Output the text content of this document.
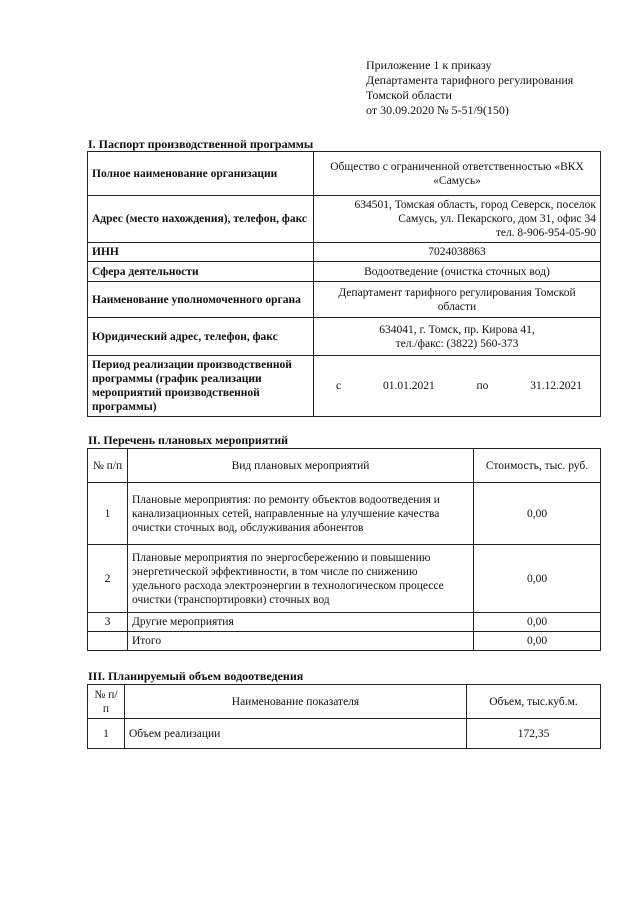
Приложение 1 к приказу
Департамента тарифного регулирования
Томской области
от 30.09.2020 № 5-51/9(150)
I. Паспорт производственной программы
Полное наименование организации	Общество с ограниченной ответственностью «ВКХ «Самусь»
Адрес (место нахождения), телефон, факс	634501, Томская область, город Северск, поселок
Самусь, ул. Пекарского, дом 31, офис 34
тел. 8-906-954-05-90

ИНН	7024038863
Сфера деятельности	Водоотведение (очистка сточных вод)
Наименование уполномоченного органа	Департамент тарифного регулирования Томской области
Юридический адрес, телефон, факс	634041, г. Томск, пр. Кирова 41,
тел./факс: (3822) 560-373

Период реализации производственной программы (график реализации мероприятий производственной программы)	с 01.01.2021 по 31.12.2021
II. Перечень плановых мероприятий
№ п/п	Вид плановых мероприятий	Стоимость, тыс. руб.
1	Плановые мероприятия: по ремонту объектов водоотведения и канализационных сетей, направленные на улучшение качества очистки сточных вод, обслуживания абонентов	0,00
2	Плановые мероприятия по энергосбережению и повышению энергетической эффективности, в том числе по снижению удельного расхода электроэнергии в технологическом процессе очистки (транспортировки) сточных вод	0,00
3	Другие мероприятия	0,00
	Итого	0,00
III. Планируемый объем водоотведения
№ п/п	Наименование показателя	Объем, тыс.куб.м.
1	Объем реализации	172,35
